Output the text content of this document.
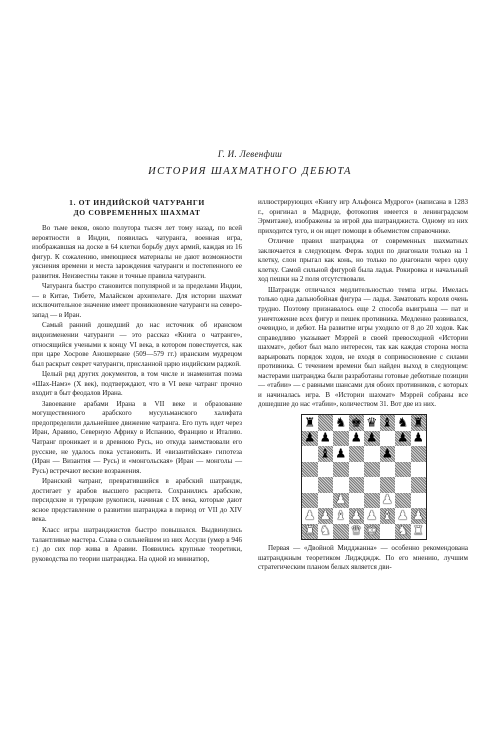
Г. И. Левенфиш
ИСТОРИЯ ШАХМАТНОГО ДЕБЮТА
1. ОТ ИНДИЙСКОЙ ЧАТУРАНГИ
ДО СОВРЕМЕННЫХ ШАХМАТ

Во тьме веков, около полутора тысяч лет тому назад, по всей вероятности в Индии, появилась чатуранга, военная игра, изображавшая на доске в 64 клетки борьбу двух армий, каждая из 16 фигур. К сожалению, имеющиеся материалы не дают возможности уяснения времени и места зарождения чатуранги и постепенного ее развития. Неизвестны также и точные правила чатуранги.

Чатуранга быстро становится популярной и за пределами Индии, — в Китае, Тибете, Малайском архипелаге. Для истории шахмат исключительное значение имеет проникновение чатуранги на северо-запад — в Иран.

Самый ранний дошедший до нас источник об иранском видоизменении чатуранги — это рассказ «Книга о чатранге», относящийся учеными к концу VI века, в котором повествуется, как при царе Хосрове Аношерване (509—579 гг.) иранским мудрецом был раскрыт секрет чатуранги, присланной царю индийским раджой.

Целый ряд других документов, в том числе и знаменитая поэма «Шах-Намэ» (X век), подтверждают, что в VI веке чатранг прочно входит в быт феодалов Ирана.

Завоевание арабами Ирана в VII веке и образование могущественного арабского мусульманского халифата предопределили дальнейшее движение чатранга. Его путь идет через Иран, Аравию, Северную Африку в Испанию, Францию и Италию. Чатранг проникает и в древнюю Русь, но откуда заимствовали его русские, не удалось пока установить. И «византийская» гипотеза (Иран — Византия — Русь) и «монгольская» (Иран — монголы — Русь) встречают веские возражения.

Иранский чатранг, превратившийся в арабский шатрандж, достигает у арабов высшего расцвета. Сохранились арабские, персидские и турецкие рукописи, начиная с IX века, которые дают ясное представление о развитии шатранджа в период от VII до XIV века.

Класс игры шатранджистов быстро повышался. Выдвинулись талантливые мастера. Слава о сильнейшем из них Ассули (умер в 946 г.) до сих пор жива в Аравии. Появились крупные теоретики, руководства по теории шатранджа. На одной из миниатюр,

иллюстрирующих «Книгу игр Альфонса Мудрого» (написана в 1283 г., оригинал в Мадриде, фотокопия имеется в ленинградском Эрмитаже), изображены за игрой два шатранджиста. Одному из них приходится туго, и он ищет помощи в объемистом справочнике.

Отличие правил шатранджа от современных шахматных заключается в следующем. Ферзь ходил по диагонали только на 1 клетку, слон прыгал как конь, но только по диагонали через одну клетку. Самой сильной фигурой была ладья. Рокировка и начальный ход пешки на 2 поля отсутствовали.

Шатрандж отличался медлительностью темпа игры. Имелась только одна дальнобойная фигура — ладья. Заматовать короля очень трудно. Поэтому признавалось еще 2 способа выигрыша — пат и уничтожение всех фигур и пешек противника. Медленно развивался, очевидно, и дебют. На развитие игры уходило от 8 до 20 ходов. Как справедливо указывает Мэррей в своей превосходной «Истории шахмат», дебют был мало интересен, так как каждая сторона могла варьировать порядок ходов, не входя в соприкосновение с силами противника. С течением времени был найден выход в следующем: мастерами шатранджа были разработаны готовые дебютные позиции — «табии» — с равными шансами для обоих противников, с которых и начиналась игра. В «Истории шахмат» Мэррей собраны все дошедшие до нас «табии», количеством 31. Вот две из них.

♜ ♞ ♚ ♛ ♝ ♞ ♜
♟ ♟ ♟ ♟ ♟ ♟
♝ ♟	♟
♟	♟
♟ ♟ ♝ ♟ ♟ ♝ ♟ ♟
♜ ♞ ♛ ♚ ♞ ♜

Первая — «Двойной Мидджанна» — особенно рекомендована шатранджным теоретиком Лидждждж. По его мнению, лучшим стратегическим планом белых является дви-
